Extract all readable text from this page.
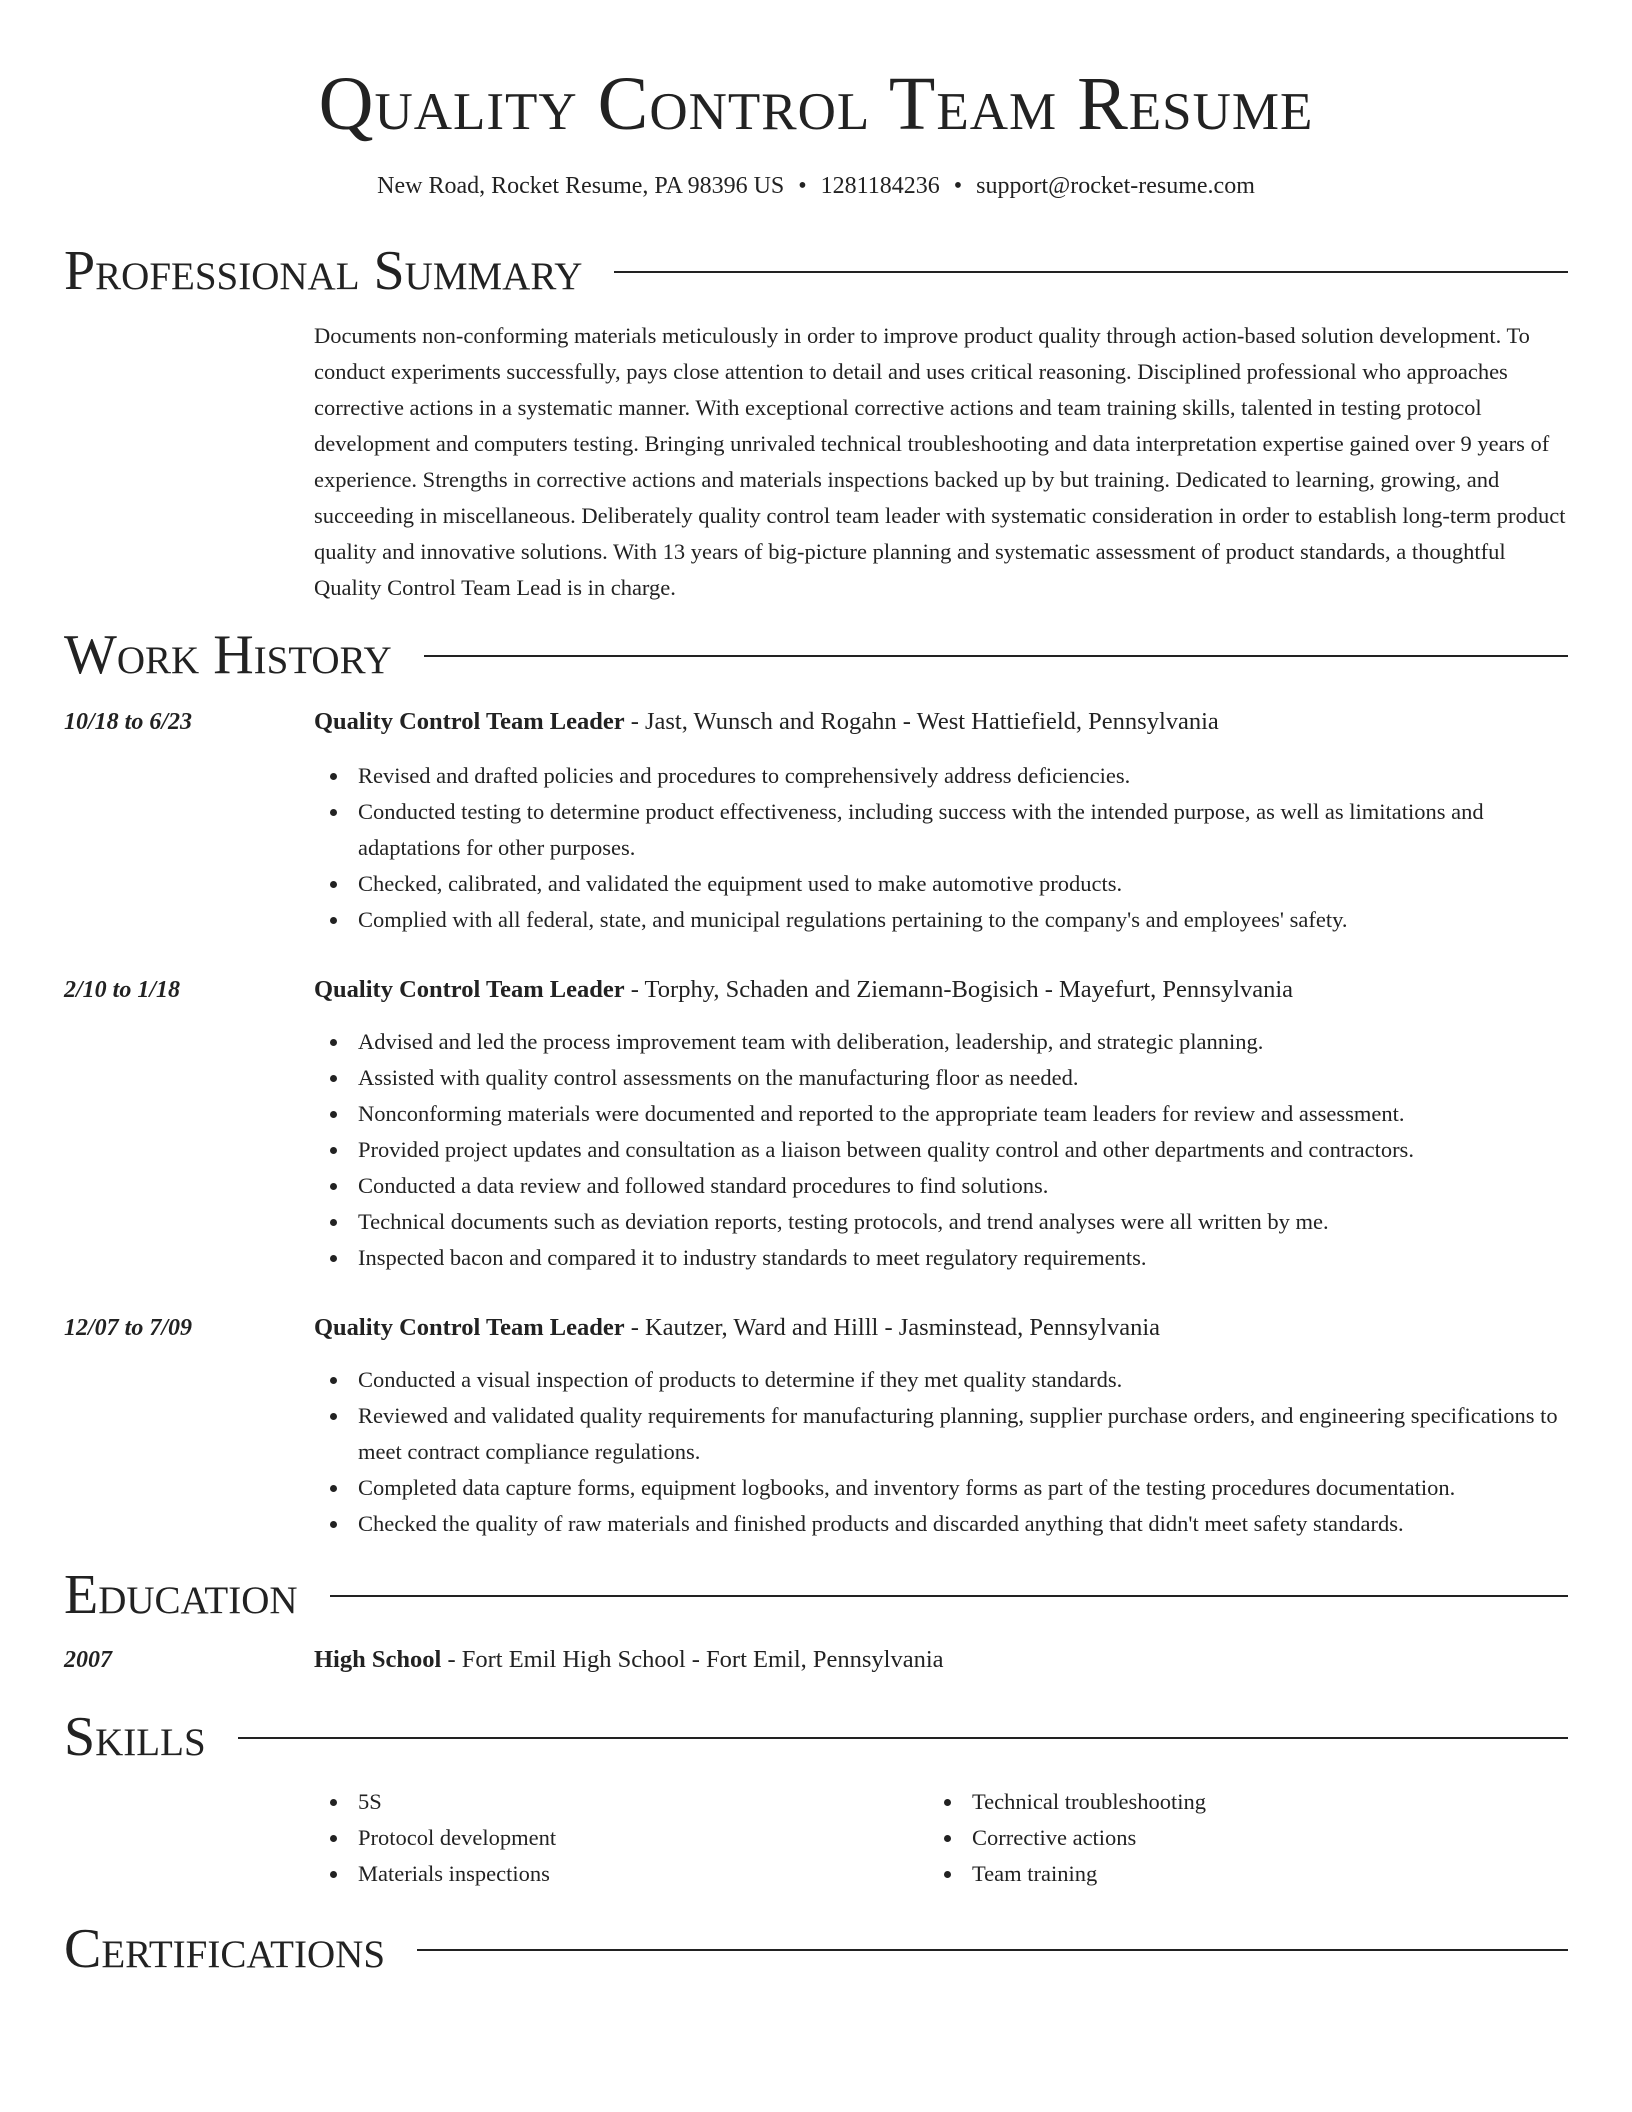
Quality Control Team Resume
New Road, Rocket Resume, PA 98396 US • 1281184236 • support@rocket-resume.com
Professional Summary
Documents non-conforming materials meticulously in order to improve product quality through action-based solution development. To conduct experiments successfully, pays close attention to detail and uses critical reasoning. Disciplined professional who approaches corrective actions in a systematic manner. With exceptional corrective actions and team training skills, talented in testing protocol development and computers testing. Bringing unrivaled technical troubleshooting and data interpretation expertise gained over 9 years of experience. Strengths in corrective actions and materials inspections backed up by but training. Dedicated to learning, growing, and succeeding in miscellaneous. Deliberately quality control team leader with systematic consideration in order to establish long-term product quality and innovative solutions. With 13 years of big-picture planning and systematic assessment of product standards, a thoughtful Quality Control Team Lead is in charge.
Work History
10/18 to 6/23	Quality Control Team Leader - Jast, Wunsch and Rogahn - West Hattiefield, Pennsylvania
Revised and drafted policies and procedures to comprehensively address deficiencies.
Conducted testing to determine product effectiveness, including success with the intended purpose, as well as limitations and adaptations for other purposes.
Checked, calibrated, and validated the equipment used to make automotive products.
Complied with all federal, state, and municipal regulations pertaining to the company's and employees' safety.
2/10 to 1/18	Quality Control Team Leader - Torphy, Schaden and Ziemann-Bogisich - Mayefurt, Pennsylvania
Advised and led the process improvement team with deliberation, leadership, and strategic planning.
Assisted with quality control assessments on the manufacturing floor as needed.
Nonconforming materials were documented and reported to the appropriate team leaders for review and assessment.
Provided project updates and consultation as a liaison between quality control and other departments and contractors.
Conducted a data review and followed standard procedures to find solutions.
Technical documents such as deviation reports, testing protocols, and trend analyses were all written by me.
Inspected bacon and compared it to industry standards to meet regulatory requirements.
12/07 to 7/09	Quality Control Team Leader - Kautzer, Ward and Hilll - Jasminstead, Pennsylvania
Conducted a visual inspection of products to determine if they met quality standards.
Reviewed and validated quality requirements for manufacturing planning, supplier purchase orders, and engineering specifications to meet contract compliance regulations.
Completed data capture forms, equipment logbooks, and inventory forms as part of the testing procedures documentation.
Checked the quality of raw materials and finished products and discarded anything that didn't meet safety standards.
Education
2007	High School - Fort Emil High School - Fort Emil, Pennsylvania
Skills
5S
Protocol development
Materials inspections
Technical troubleshooting
Corrective actions
Team training
Certifications
